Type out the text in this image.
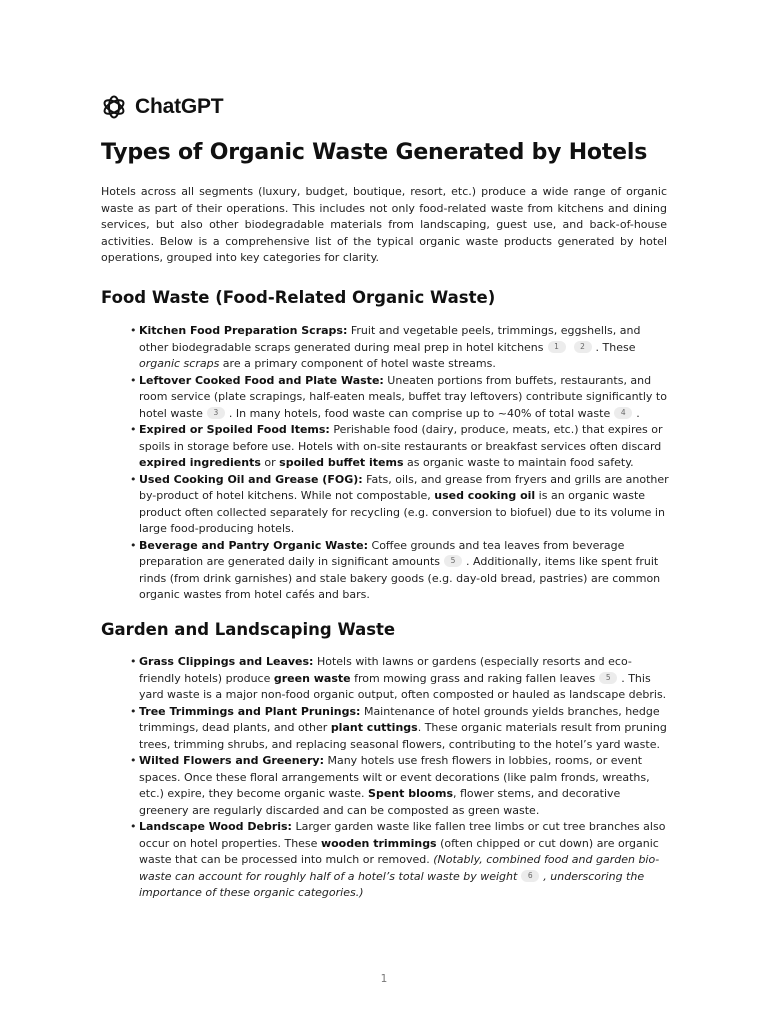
ChatGPT
Types of Organic Waste Generated by Hotels

Hotels across all segments (luxury, budget, boutique, resort, etc.) produce a wide range of organic waste as part of their operations. This includes not only food-related waste from kitchens and dining services, but also other biodegradable materials from landscaping, guest use, and back-of-house activities. Below is a comprehensive list of the typical organic waste products generated by hotel operations, grouped into key categories for clarity.

Food Waste (Food-Related Organic Waste)
• Kitchen Food Preparation Scraps: Fruit and vegetable peels, trimmings, eggshells, and other biodegradable scraps generated during meal prep in hotel kitchens 1	2 . These organic scraps are a primary component of hotel waste streams.
• Leftover Cooked Food and Plate Waste: Uneaten portions from buffets, restaurants, and room service (plate scrapings, half-eaten meals, buffet tray leftovers) contribute significantly to hotel waste 3 . In many hotels, food waste can comprise up to ~40% of total waste 4 .
• Expired or Spoiled Food Items: Perishable food (dairy, produce, meats, etc.) that expires or spoils in storage before use. Hotels with on-site restaurants or breakfast services often discard expired ingredients or spoiled buffet items as organic waste to maintain food safety.
• Used Cooking Oil and Grease (FOG): Fats, oils, and grease from fryers and grills are another by-product of hotel kitchens. While not compostable, used cooking oil is an organic waste product often collected separately for recycling (e.g. conversion to biofuel) due to its volume in large food-producing hotels.
• Beverage and Pantry Organic Waste: Coffee grounds and tea leaves from beverage preparation are generated daily in significant amounts 5 . Additionally, items like spent fruit rinds (from drink garnishes) and stale bakery goods (e.g. day-old bread, pastries) are common organic wastes from hotel cafés and bars.
Garden and Landscaping Waste
• Grass Clippings and Leaves: Hotels with lawns or gardens (especially resorts and eco-friendly hotels) produce green waste from mowing grass and raking fallen leaves 5 . This yard waste is a major non-food organic output, often composted or hauled as landscape debris.
• Tree Trimmings and Plant Prunings: Maintenance of hotel grounds yields branches, hedge trimmings, dead plants, and other plant cuttings. These organic materials result from pruning trees, trimming shrubs, and replacing seasonal flowers, contributing to the hotel’s yard waste.
• Wilted Flowers and Greenery: Many hotels use fresh flowers in lobbies, rooms, or event spaces. Once these floral arrangements wilt or event decorations (like palm fronds, wreaths, etc.) expire, they become organic waste. Spent blooms, flower stems, and decorative greenery are regularly discarded and can be composted as green waste.
• Landscape Wood Debris: Larger garden waste like fallen tree limbs or cut tree branches also occur on hotel properties. These wooden trimmings (often chipped or cut down) are organic waste that can be processed into mulch or removed. (Notably, combined food and garden bio-waste can account for roughly half of a hotel’s total waste by weight 6 , underscoring the importance of these organic categories.)
1
